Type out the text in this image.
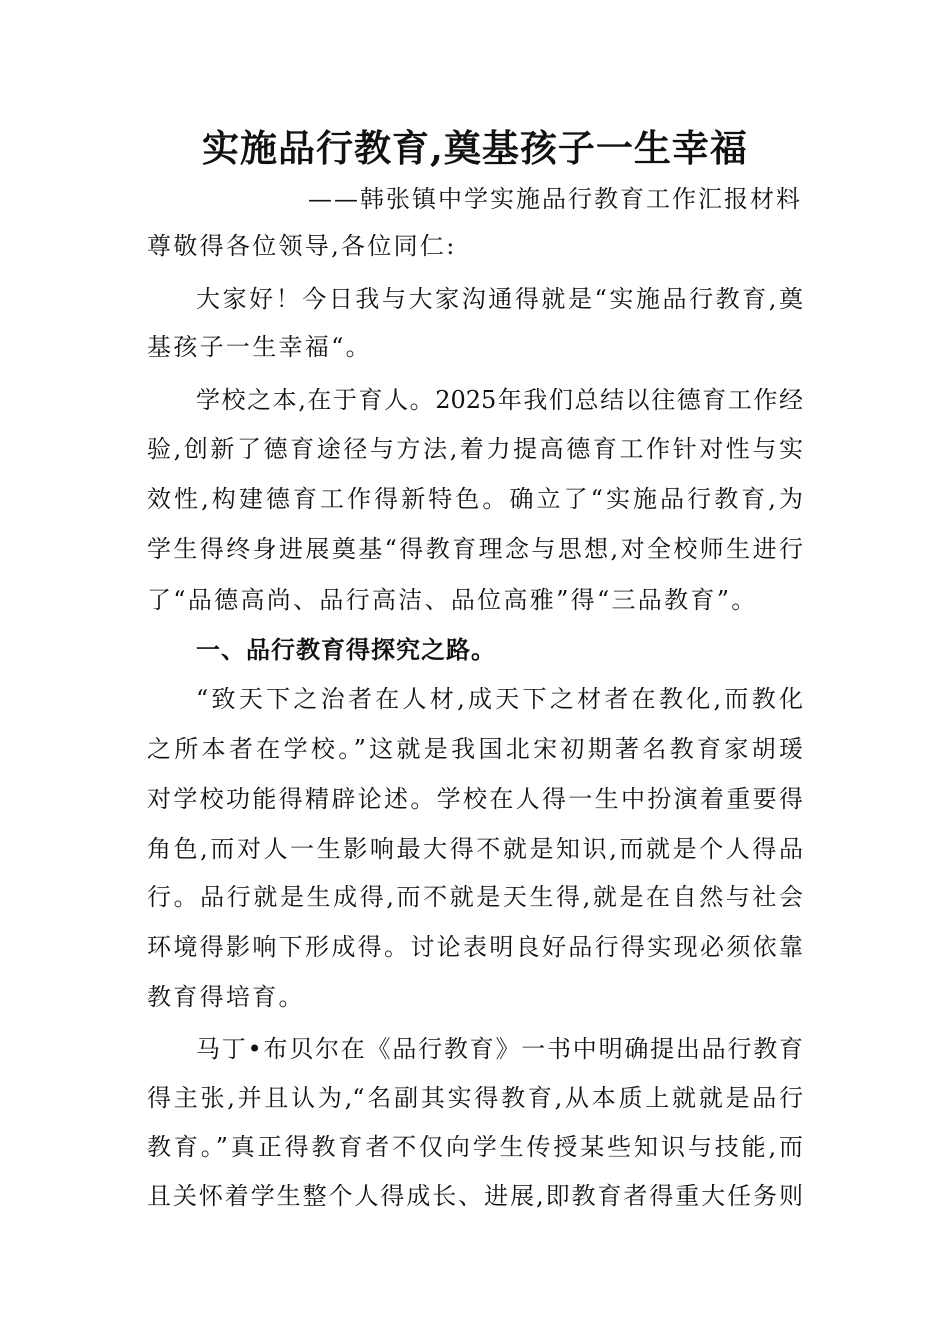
实施品行教育,奠基孩子一生幸福
——韩张镇中学实施品行教育工作汇报材料
尊敬得各位领导,各位同仁:
大家好！今日我与大家沟通得就是“实施品行教育,奠
基孩子一生幸福“。
学校之本,在于育人。2025年我们总结以往德育工作经
验,创新了德育途径与方法,着力提高德育工作针对性与实
效性,构建德育工作得新特色。确立了“实施品行教育,为
学生得终身进展奠基“得教育理念与思想,对全校师生进行
了“品德高尚、品行高洁、品位高雅”得“三品教育”。
一、品行教育得探究之路。
“致天下之治者在人材,成天下之材者在教化,而教化
之所本者在学校。”这就是我国北宋初期著名教育家胡瑗
对学校功能得精辟论述。学校在人得一生中扮演着重要得
角色,而对人一生影响最大得不就是知识,而就是个人得品
行。品行就是生成得,而不就是天生得,就是在自然与社会
环境得影响下形成得。讨论表明良好品行得实现必须依靠
教育得培育。
马丁•布贝尔在《品行教育》一书中明确提出品行教育
得主张,并且认为,“名副其实得教育,从本质上就就是品行
教育。”真正得教育者不仅向学生传授某些知识与技能,而
且关怀着学生整个人得成长、进展,即教育者得重大任务则
